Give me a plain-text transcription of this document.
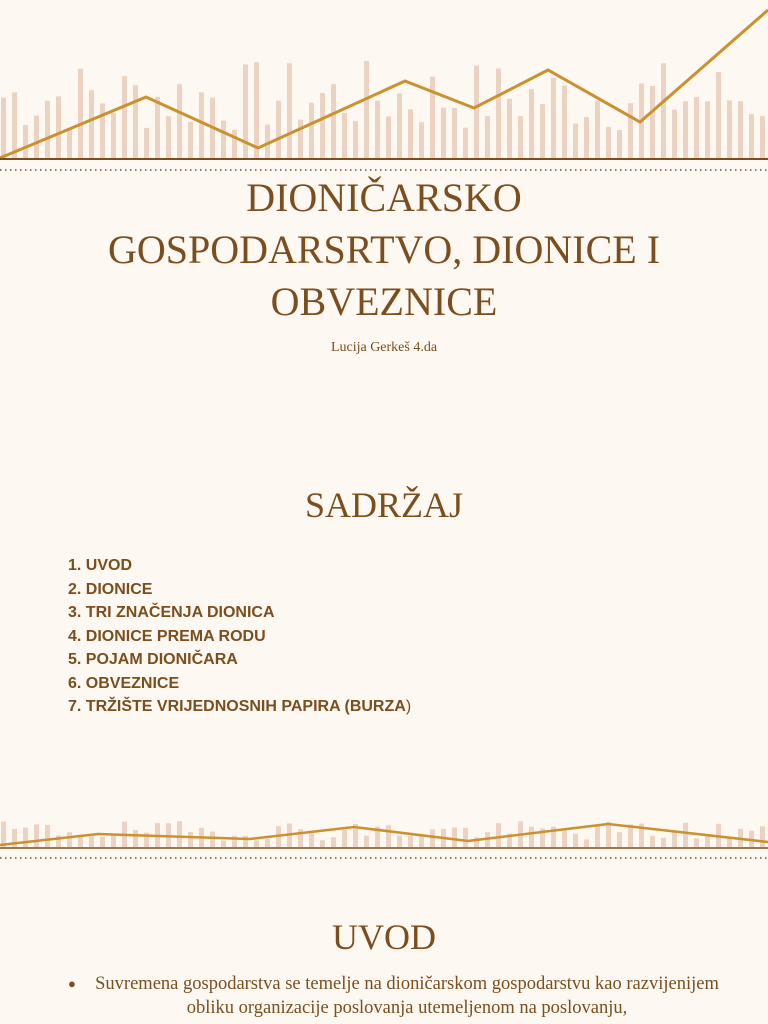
DIONIČARSKO
GOSPODARSRTVO, DIONICE I
OBVEZNICE
Lucija Gerkeš 4.da
SADRŽAJ
1. UVOD
2. DIONICE
3. TRI ZNAČENJA DIONICA
4. DIONICE PREMA RODU
5. POJAM DIONIČARA
6. OBVEZNICE
7. TRŽIŠTE VRIJEDNOSNIH PAPIRA (BURZA)
UVOD
●	Suvremena gospodarstva se temelje na dioničarskom gospodarstvu kao razvijenijem obliku organizacije poslovanja utemeljenom na poslovanju,
